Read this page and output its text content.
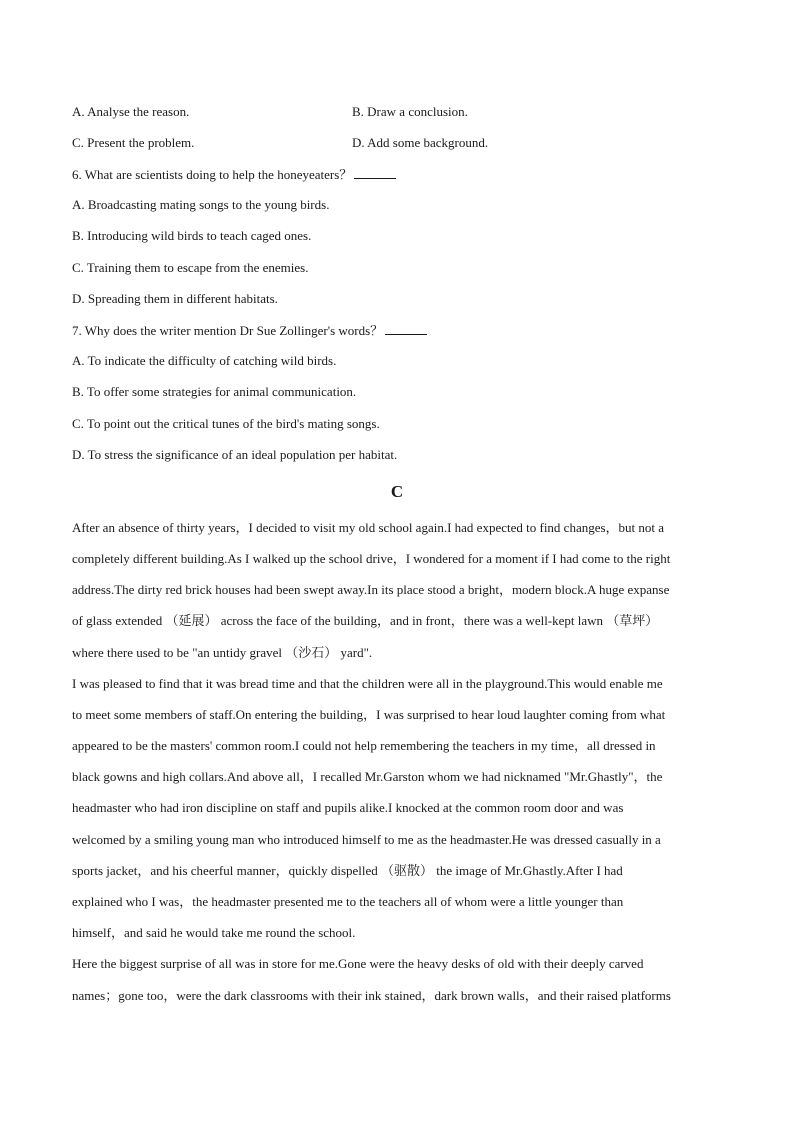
A. Analyse the reason.	B. Draw a conclusion.
C. Present the problem.	D. Add some background.
6. What are scientists doing to help the honeyeaters？
A. Broadcasting mating songs to the young birds.
B. Introducing wild birds to teach caged ones.
C. Training them to escape from the enemies.
D. Spreading them in different habitats.
7. Why does the writer mention Dr Sue Zollinger's words？
A. To indicate the difficulty of catching wild birds.
B. To offer some strategies for animal communication.
C. To point out the critical tunes of the bird's mating songs.
D. To stress the significance of an ideal population per habitat.
C
After an absence of thirty years，I decided to visit my old school again.I had expected to find changes，but not a
completely different building.As I walked up the school drive，I wondered for a moment if I had come to the right
address.The dirty red brick houses had been swept away.In its place stood a bright，modern block.A huge expanse
of glass extended （延展） across the face of the building，and in front，there was a well-kept lawn （草坪）
where there used to be "an untidy gravel （沙石） yard".
I was pleased to find that it was bread time and that the children were all in the playground.This would enable me
to meet some members of staff.On entering the building，I was surprised to hear loud laughter coming from what
appeared to be the masters' common room.I could not help remembering the teachers in my time，all dressed in
black gowns and high collars.And above all，I recalled Mr.Garston whom we had nicknamed "Mr.Ghastly"，the
headmaster who had iron discipline on staff and pupils alike.I knocked at the common room door and was
welcomed by a smiling young man who introduced himself to me as the headmaster.He was dressed casually in a
sports jacket，and his cheerful manner，quickly dispelled （驱散） the image of Mr.Ghastly.After I had
explained who I was，the headmaster presented me to the teachers all of whom were a little younger than
himself，and said he would take me round the school.
Here the biggest surprise of all was in store for me.Gone were the heavy desks of old with their deeply carved
names；gone too，were the dark classrooms with their ink stained，dark brown walls，and their raised platforms
